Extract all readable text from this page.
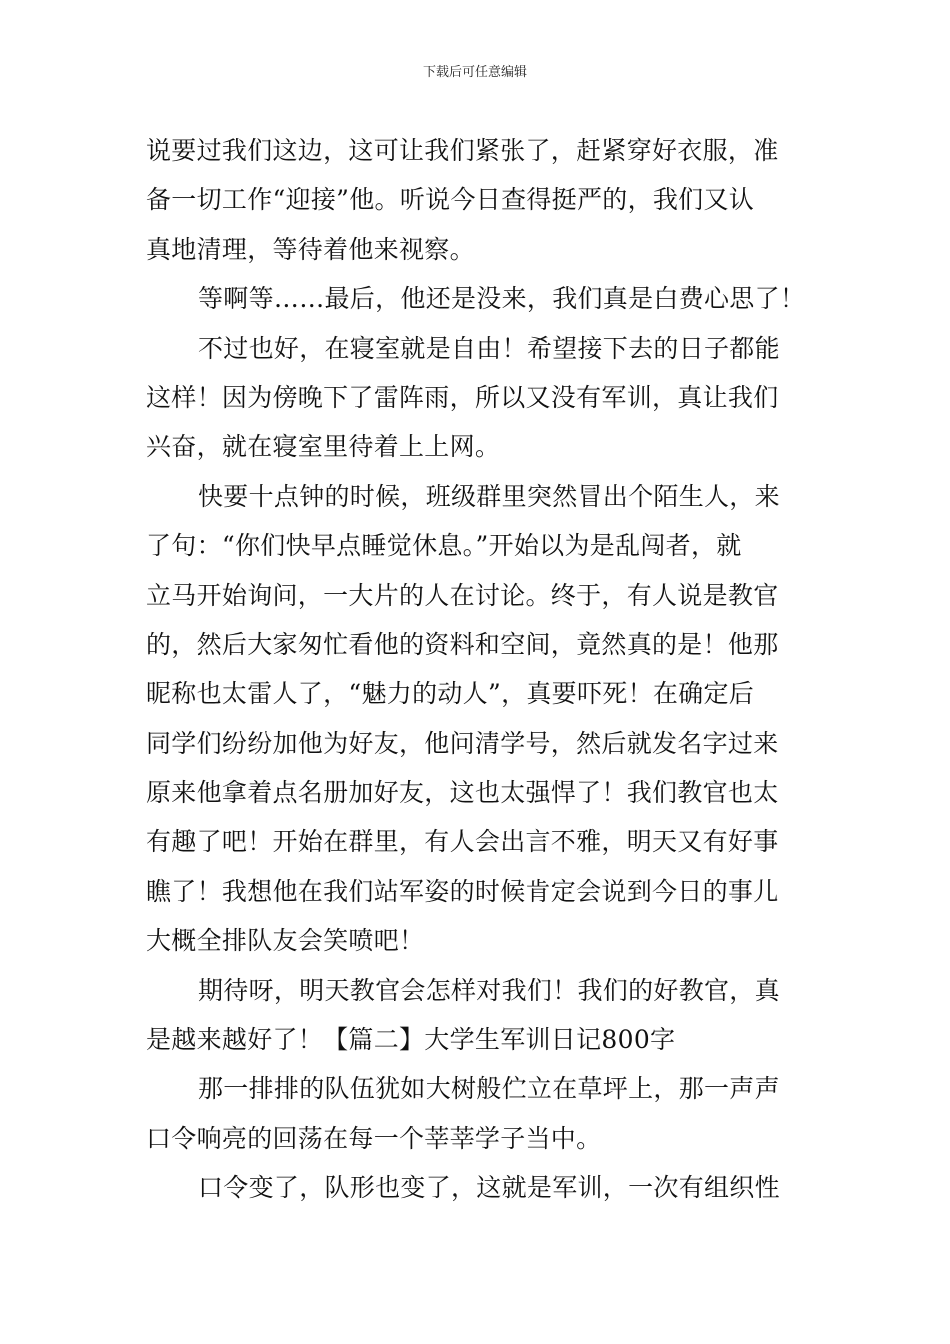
下载后可任意编辑
说要过我们这边，这可让我们紧张了，赶紧穿好衣服，准
备一切工作“迎接”他。听说今日查得挺严的，我们又认
真地清理，等待着他来视察。
等啊等……最后，他还是没来，我们真是白费心思了！
不过也好，在寝室就是自由！希望接下去的日子都能
这样！因为傍晚下了雷阵雨，所以又没有军训，真让我们
兴奋，就在寝室里待着上上网。
快要十点钟的时候，班级群里突然冒出个陌生人，来
了句：“你们快早点睡觉休息。”开始以为是乱闯者，就
立马开始询问，一大片的人在讨论。终于，有人说是教官
的，然后大家匆忙看他的资料和空间，竟然真的是！他那
昵称也太雷人了，“魅力的动人”，真要吓死！在确定后
同学们纷纷加他为好友，他问清学号，然后就发名字过来
原来他拿着点名册加好友，这也太强悍了！我们教官也太
有趣了吧！开始在群里，有人会出言不雅，明天又有好事
瞧了！我想他在我们站军姿的时候肯定会说到今日的事儿
大概全排队友会笑喷吧！
期待呀，明天教官会怎样对我们！我们的好教官，真
是越来越好了！【篇二】大学生军训日记800字
那一排排的队伍犹如大树般伫立在草坪上，那一声声
口令响亮的回荡在每一个莘莘学子当中。
口令变了，队形也变了，这就是军训，一次有组织性
